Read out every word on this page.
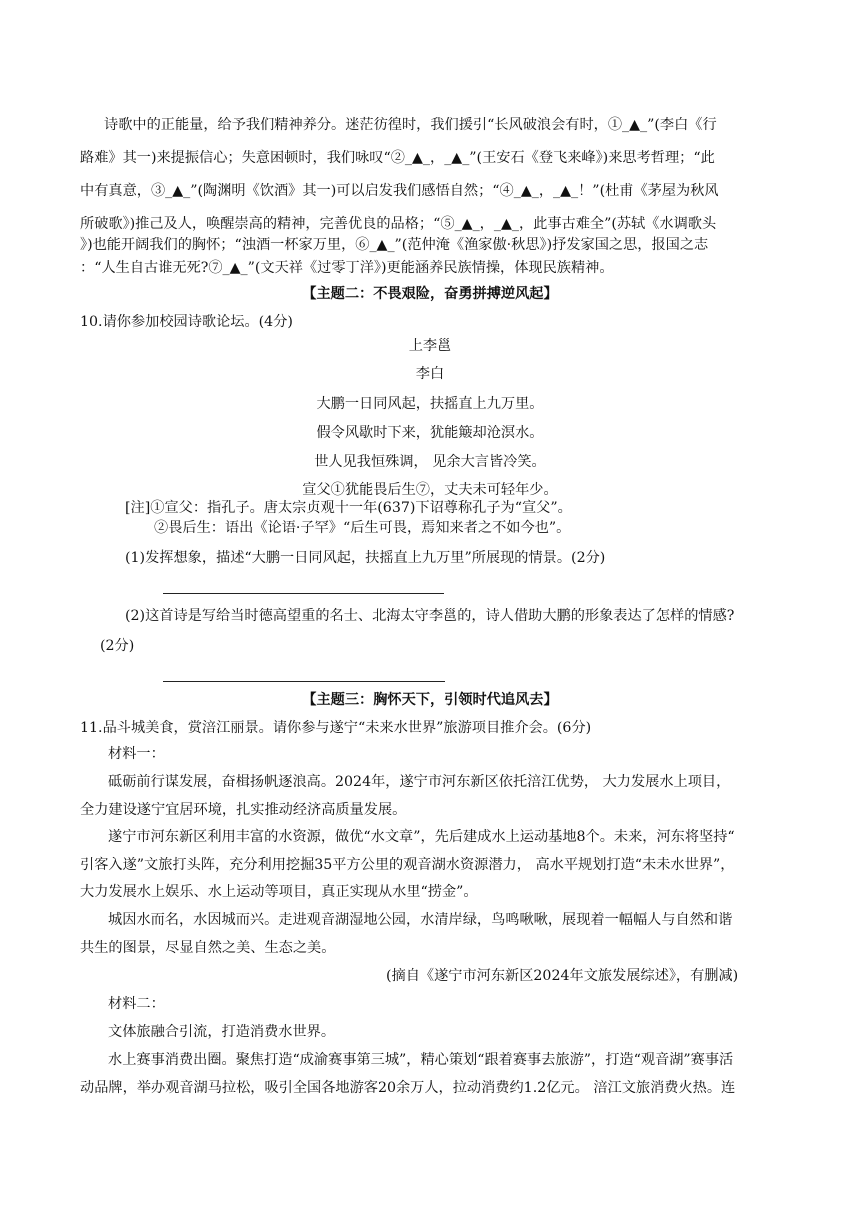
诗歌中的正能量，给予我们精神养分。迷茫彷徨时，我们援引“长风破浪会有时，①_▲_”(李白《行
路难》其一)来提振信心；失意困顿时，我们咏叹“②_▲_，_▲_”(王安石《登飞来峰》)来思考哲理；“此
中有真意，③_▲_”(陶渊明《饮酒》其一)可以启发我们感悟自然；“④_▲_，_▲_！”(杜甫《茅屋为秋风
所破歌》)推己及人，唤醒崇高的精神，完善优良的品格；“⑤_▲_，_▲_，此事古难全”(苏轼《水调歌头
》)也能开阔我们的胸怀；“浊酒一杯家万里，⑥_▲_”(范仲淹《渔家傲·秋思》)抒发家国之思，报国之志
：“人生自古谁无死?⑦_▲_”(文天祥《过零丁洋》)更能涵养民族情操，体现民族精神。
【主题二：不畏艰险，奋勇拼搏逆风起】
10.请你参加校园诗歌论坛。(4分)
上李邕
李白
大鹏一日同风起，扶摇直上九万里。
假令风歇时下来，犹能簸却沧溟水。
世人见我恒殊调， 见余大言皆冷笑。
宣父①犹能畏后生⑦，丈夫未可轻年少。
[注]①宣父：指孔子。唐太宗贞观十一年(637)下诏尊称孔子为“宣父”。
②畏后生：语出《论语·子罕》“后生可畏，焉知来者之不如今也”。
(1)发挥想象，描述“大鹏一日同风起，扶摇直上九万里”所展现的情景。(2分)
(2)这首诗是写给当时德高望重的名士、北海太守李邕的，诗人借助大鹏的形象表达了怎样的情感?
(2分)
【主题三：胸怀天下，引领时代追风去】
11.品斗城美食，赏涪江丽景。请你参与遂宁“未来水世界”旅游项目推介会。(6分)
材料一：
砥砺前行谋发展，奋楫扬帆逐浪高。2024年，遂宁市河东新区依托涪江优势， 大力发展水上项目，
全力建设遂宁宜居环境，扎实推动经济高质量发展。
遂宁市河东新区利用丰富的水资源，做优“水文章”，先后建成水上运动基地8个。未来，河东将坚持“
引客入遂”文旅打头阵，充分利用挖掘35平方公里的观音湖水资源潜力， 高水平规划打造“未未水世界”，
大力发展水上娱乐、水上运动等项目，真正实现从水里“捞金”。
城因水而名，水因城而兴。走进观音湖湿地公园，水清岸绿，鸟鸣啾啾，展现着一幅幅人与自然和谐
共生的图景，尽显自然之美、生态之美。
(摘自《遂宁市河东新区2024年文旅发展综述》，有删减)
材料二：
文体旅融合引流，打造消费水世界。
水上赛事消费出圈。聚焦打造“成渝赛事第三城”，精心策划“跟着赛事去旅游”，打造“观音湖”赛事活
动品牌，举办观音湖马拉松，吸引全国各地游客20余万人，拉动消费约1.2亿元。 涪江文旅消费火热。连
